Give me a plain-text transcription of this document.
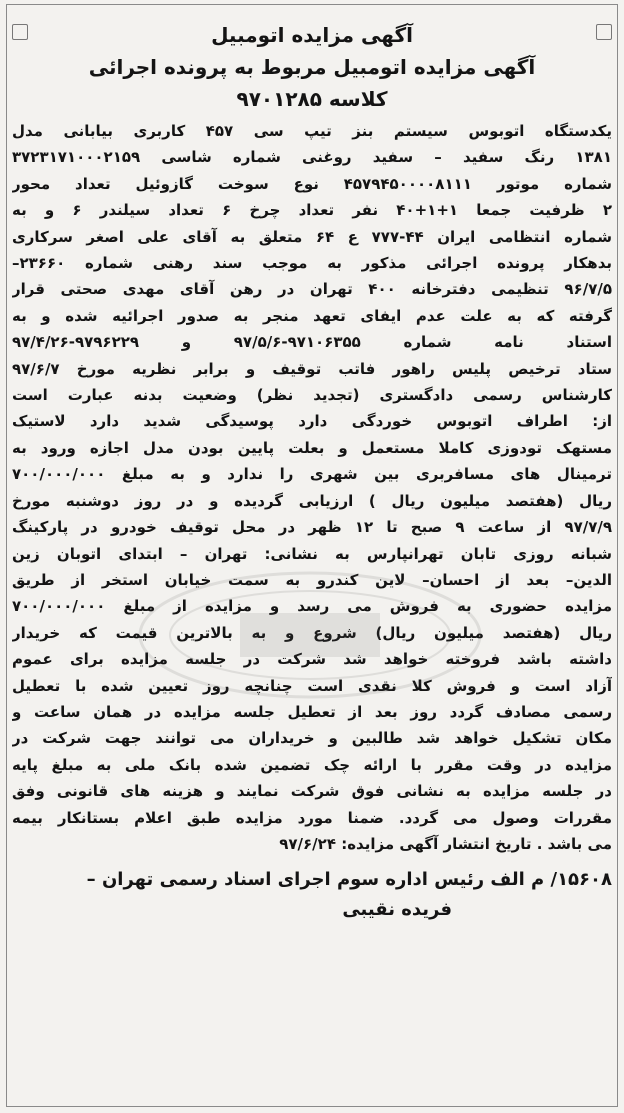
آگهی مزایده اتومبیل
آگهی مزایده اتومبیل مربوط به پرونده اجرائی
کلاسه ۹۷۰۱۲۸۵
یکدستگاه اتوبوس سیستم بنز تیپ سی ۴۵۷ کاربری بیابانی مدل
۱۳۸۱ رنگ سفید – سفید روغنی شماره شاسی ۳۷۲۳۱۷۱۰۰۰۲۱۵۹
شماره موتور ۴۵۷۹۴۵۰۰۰۰۸۱۱۱ نوع سوخت گازوئیل تعداد محور
۲ ظرفیت جمعا ۱+۱+۴۰ نفر تعداد چرخ ۶ تعداد سیلندر ۶ و به
شماره انتظامی ایران ۴۴-۷۷۷ ع ۶۴ متعلق به آقای علی اصغر سرکاری
بدهکار پرونده اجرائی مذکور به موجب سند رهنی شماره ۲۳۶۶۰–
۹۶/۷/۵ تنظیمی دفترخانه ۴۰۰ تهران در رهن آقای مهدی صحتی قرار
گرفته که به علت عدم ایفای تعهد منجر به صدور اجرائیه شده و به
استناد نامه شماره ۹۷۱۰۶۳۵۵-۹۷/۵/۶ و ۹۷۹۶۲۲۹-۹۷/۴/۲۶
ستاد ترخیص پلیس راهور فاتب توقیف و برابر نظریه مورخ ۹۷/۶/۷
کارشناس رسمی دادگستری (تجدید نظر) وضعیت بدنه عبارت است
از: اطراف اتوبوس خوردگی دارد پوسیدگی شدید دارد لاستیک
مستهک تودوزی کاملا مستعمل و بعلت پایین بودن مدل اجازه ورود به
ترمینال های مسافربری بین شهری را ندارد و به مبلغ ۷۰۰/۰۰۰/۰۰۰
ریال (هفتصد میلیون ریال ) ارزیابی گردیده و در روز دوشنبه مورخ
۹۷/۷/۹ از ساعت ۹ صبح تا ۱۲ ظهر در محل توقیف خودرو در پارکینگ
شبانه روزی تابان تهرانپارس به نشانی: تهران – ابتدای اتوبان زین
الدین– بعد از احسان– لاین کندرو به سمت خیابان استخر از طریق
مزایده حضوری به فروش می رسد و مزایده از مبلغ ۷۰۰/۰۰۰/۰۰۰
ریال (هفتصد میلیون ریال) شروع و به بالاترین قیمت که خریدار
داشته باشد فروخته خواهد شد شرکت در جلسه مزایده برای عموم
آزاد است و فروش کلا نقدی است چنانچه روز تعیین شده با تعطیل
رسمی مصادف گردد روز بعد از تعطیل جلسه مزایده در همان ساعت و
مکان تشکیل خواهد شد طالبین و خریداران می توانند جهت شرکت در
مزایده در وقت مقرر با ارائه چک تضمین شده بانک ملی به مبلغ پایه
در جلسه مزایده به نشانی فوق شرکت نمایند و هزینه های قانونی وفق
مقررات وصول می گردد. ضمنا مورد مزایده طبق اعلام بستانکار بیمه
می باشد . تاریخ انتشار آگهی مزایده: ۹۷/۶/۲۴
۱۵۶۰۸/ م الف رئیس اداره سوم اجرای اسناد رسمی تهران –
فریده نقیبی
